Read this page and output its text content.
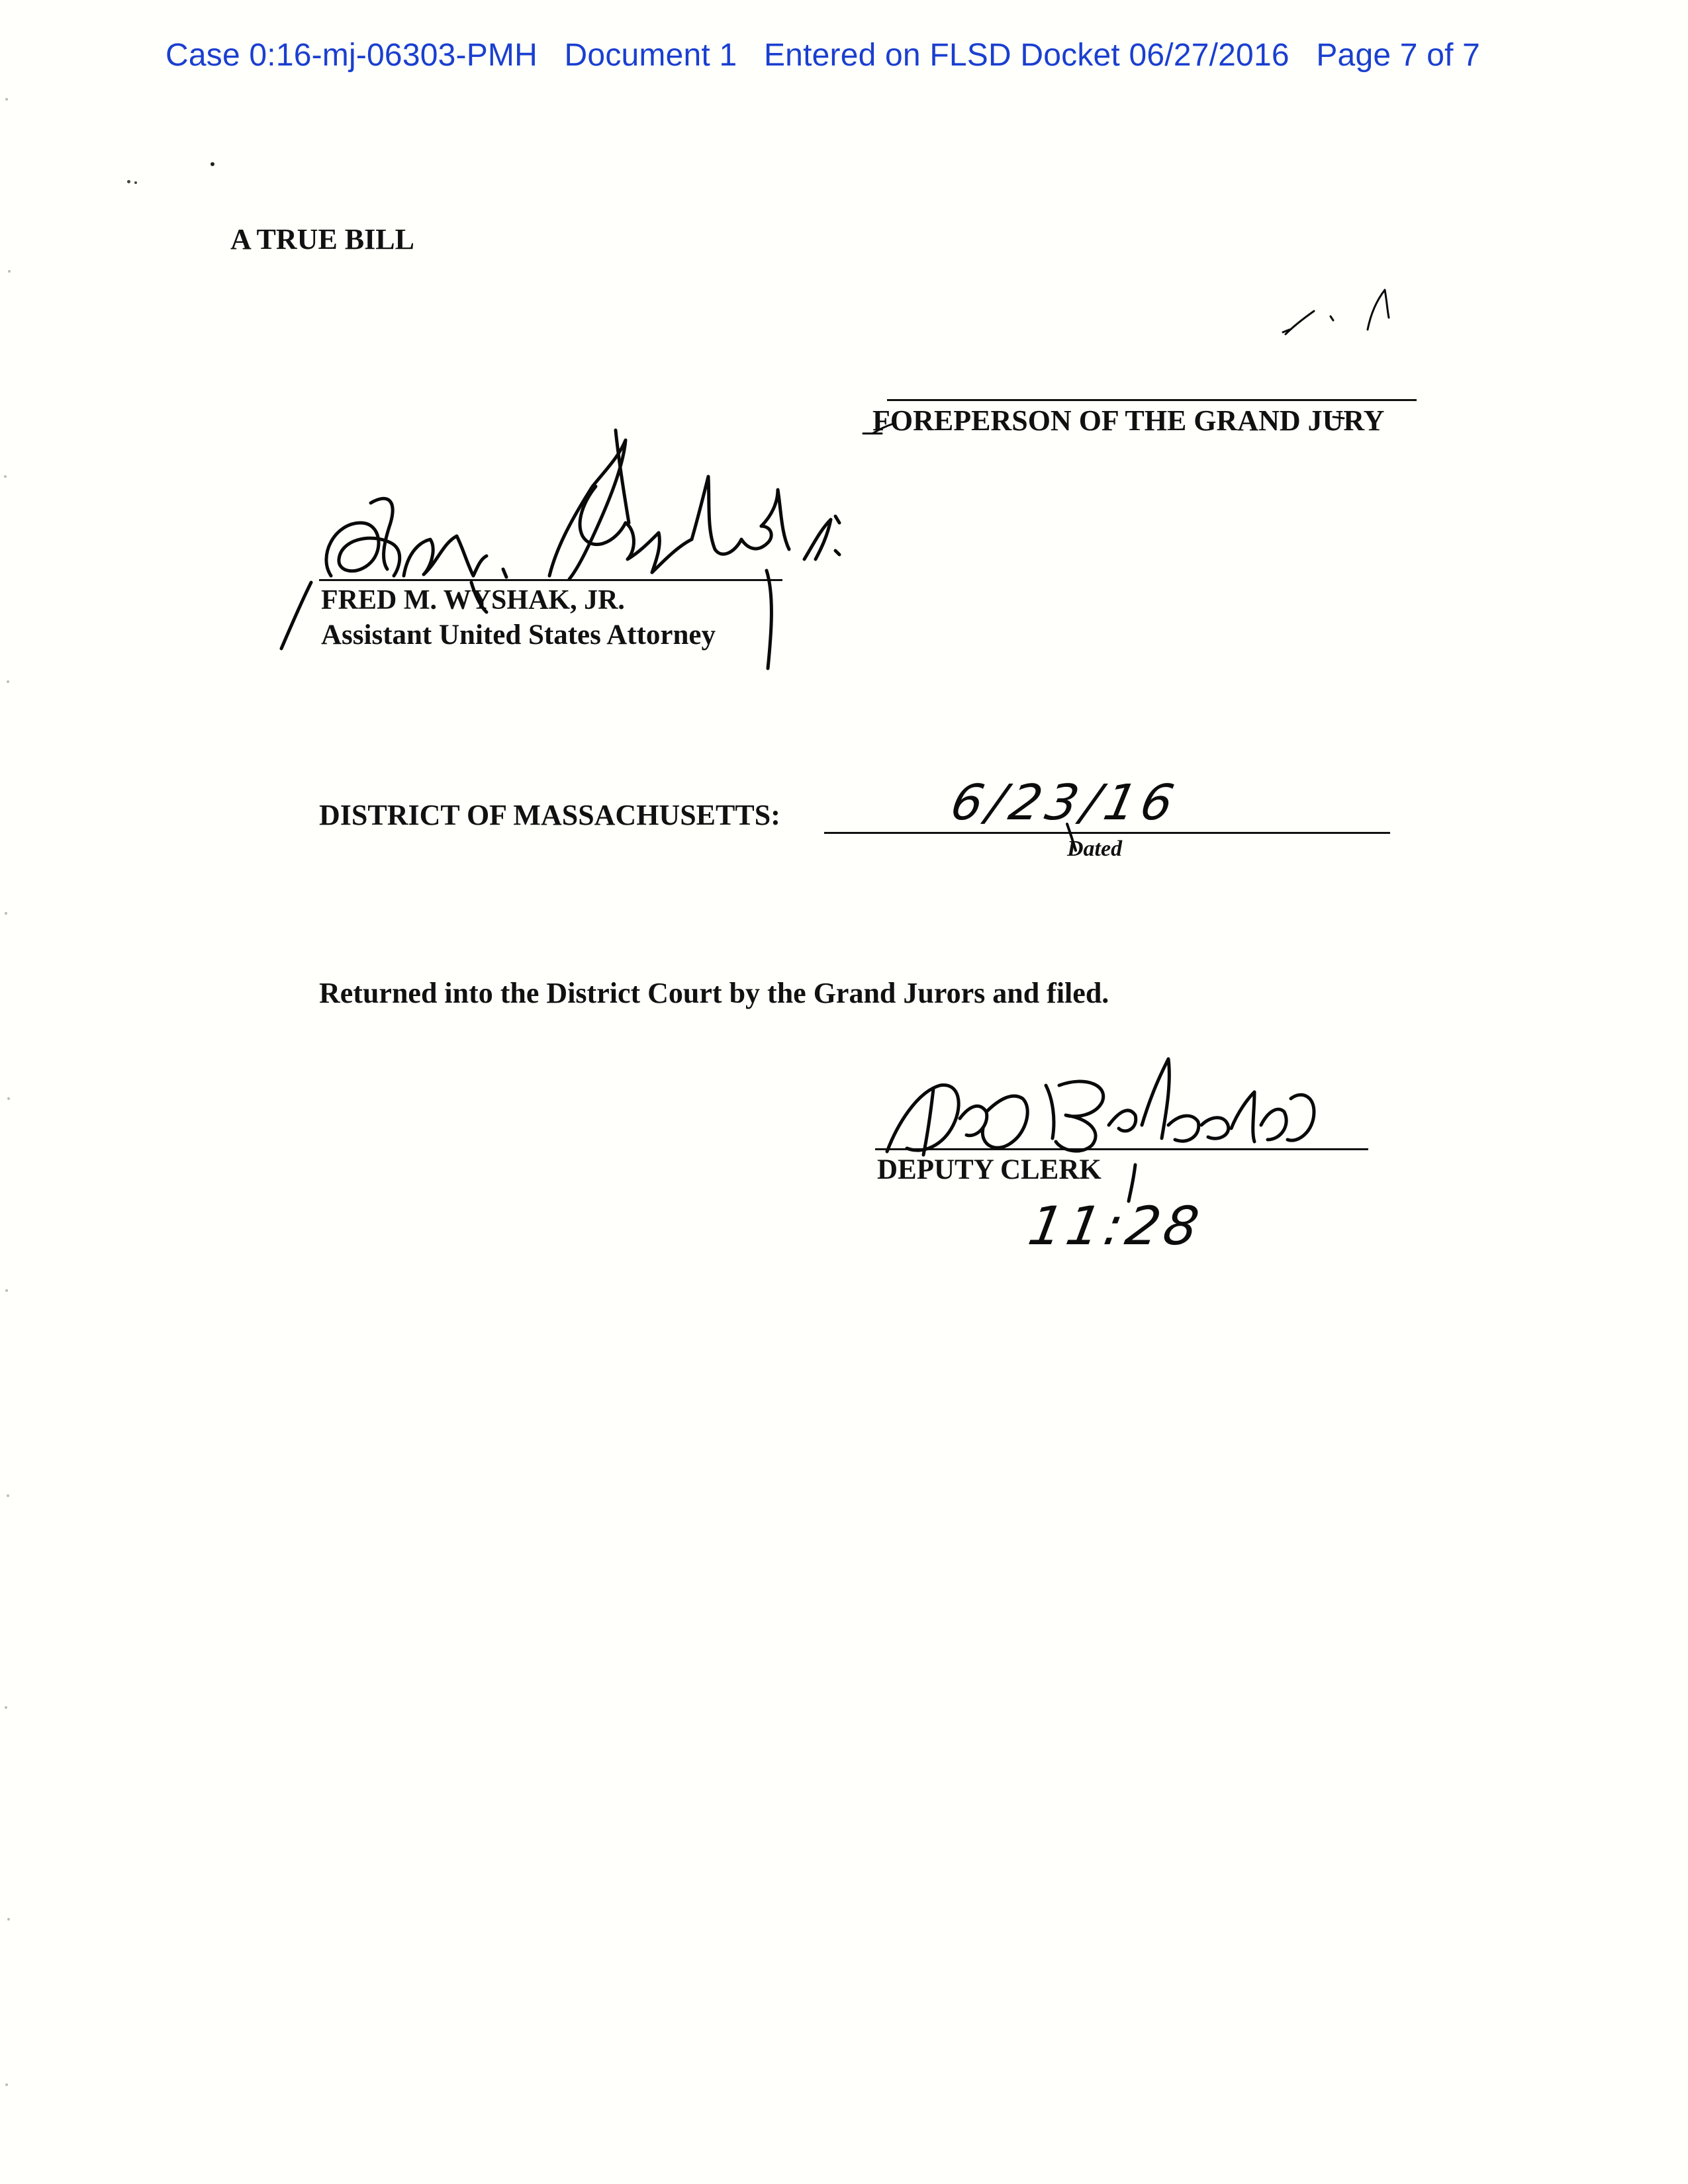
Case 0:16-mj-06303-PMH   Document 1   Entered on FLSD Docket 06/27/2016   Page 7 of 7
A TRUE BILL
FOREPERSON OF THE GRAND JURY
FRED M. WYSHAK, JR.
Assistant United States Attorney
DISTRICT OF MASSACHUSETTS:	6/23/16
Dated
Returned into the District Court by the Grand Jurors and filed.
DEPUTY CLERK
11:28
